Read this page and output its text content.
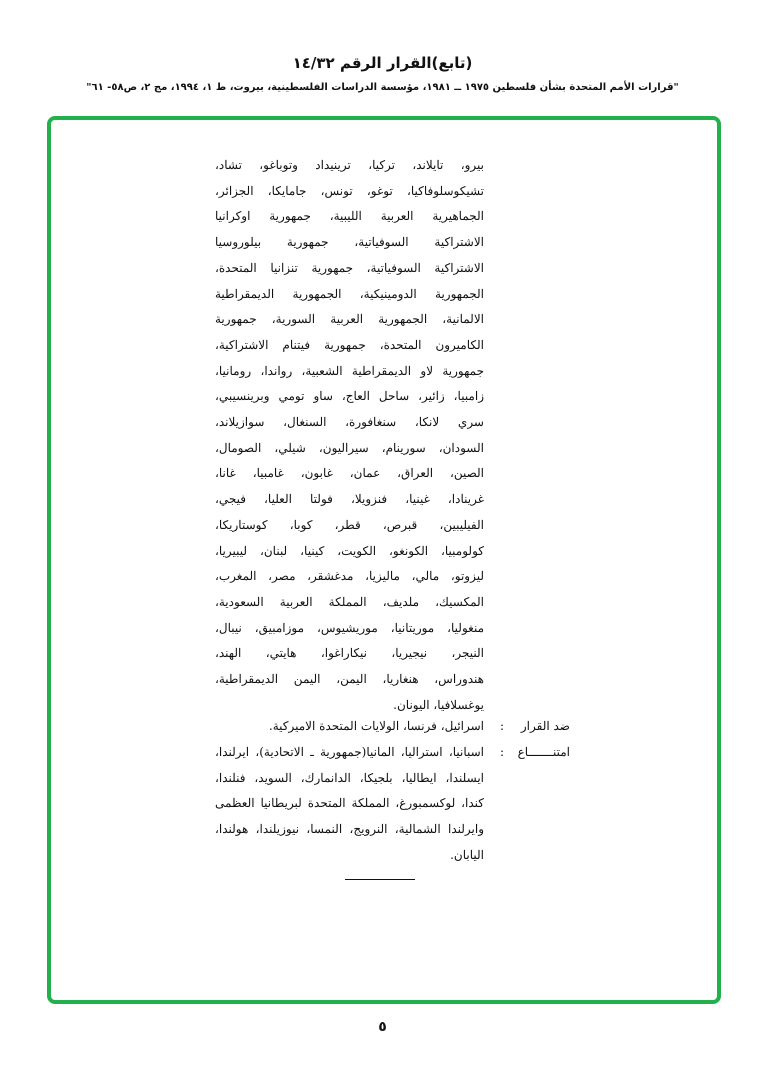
(تابع)القرار الرقم ١٤/٣٢
"قرارات الأمم المتحدة بشأن فلسطين ١٩٧٥ ــ ١٩٨١، مؤسسة الدراسات الفلسطينية، بيروت، ط ١، ١٩٩٤، مج ٢، ص٥٨- ٦١"
بيرو، تايلاند، تركيا، ترينيداد وتوباغو، تشاد،
تشيكوسلوفاكيا، توغو، تونس، جامايكا، الجزائر،
الجماهيرية العربية الليبية، جمهورية اوكرانيا
الاشتراكية السوفياتية، جمهورية بيلوروسيا
الاشتراكية السوفياتية، جمهورية تنزانيا المتحدة،
الجمهورية الدومينيكية، الجمهورية الديمقراطية
الالمانية، الجمهورية العربية السورية، جمهورية
الكاميرون المتحدة، جمهورية فيتنام الاشتراكية،
جمهورية لاو الديمقراطية الشعبية، رواندا، رومانيا،
زامبيا، زائير، ساحل العاج، ساو تومي وبرينسيبي،
سري لانكا، سنغافورة، السنغال، سوازيلاند،
السودان، سورينام، سيراليون، شيلي، الصومال،
الصين، العراق، عمان، غابون، غامبيا، غانا،
غرينادا، غينيا، فنزويلا، فولتا العليا، فيجي،
الفيليبين، قبرص، قطر، كوبا، كوستاريكا،
كولومبيا، الكونغو، الكويت، كينيا، لبنان، ليبيريا،
ليزوتو، مالي، ماليزيا، مدغشقر، مصر، المغرب،
المكسيك، ملديف، المملكة العربية السعودية،
منغوليا، موريتانيا، موريشيوس، موزامبيق، نيبال،
النيجر، نيجيريا، نيكاراغوا، هايتي، الهند،
هندوراس، هنغاريا، اليمن، اليمن الديمقراطية،
يوغسلافيا، اليونان.
ضد القرار
:
اسرائيل، فرنسا، الولايات المتحدة الاميركية.
امتنـــــــاع
:
اسبانيا، استراليا، المانيا(جمهورية ـ الاتحادية)، ايرلندا،
ايسلندا، ايطاليا، بلجيكا، الدانمارك، السويد، فنلندا،
كندا، لوكسمبورغ، المملكة المتحدة لبريطانيا العظمى
وايرلندا الشمالية، النرويج، النمسا، نيوزيلندا، هولندا،
اليابان.
٥
